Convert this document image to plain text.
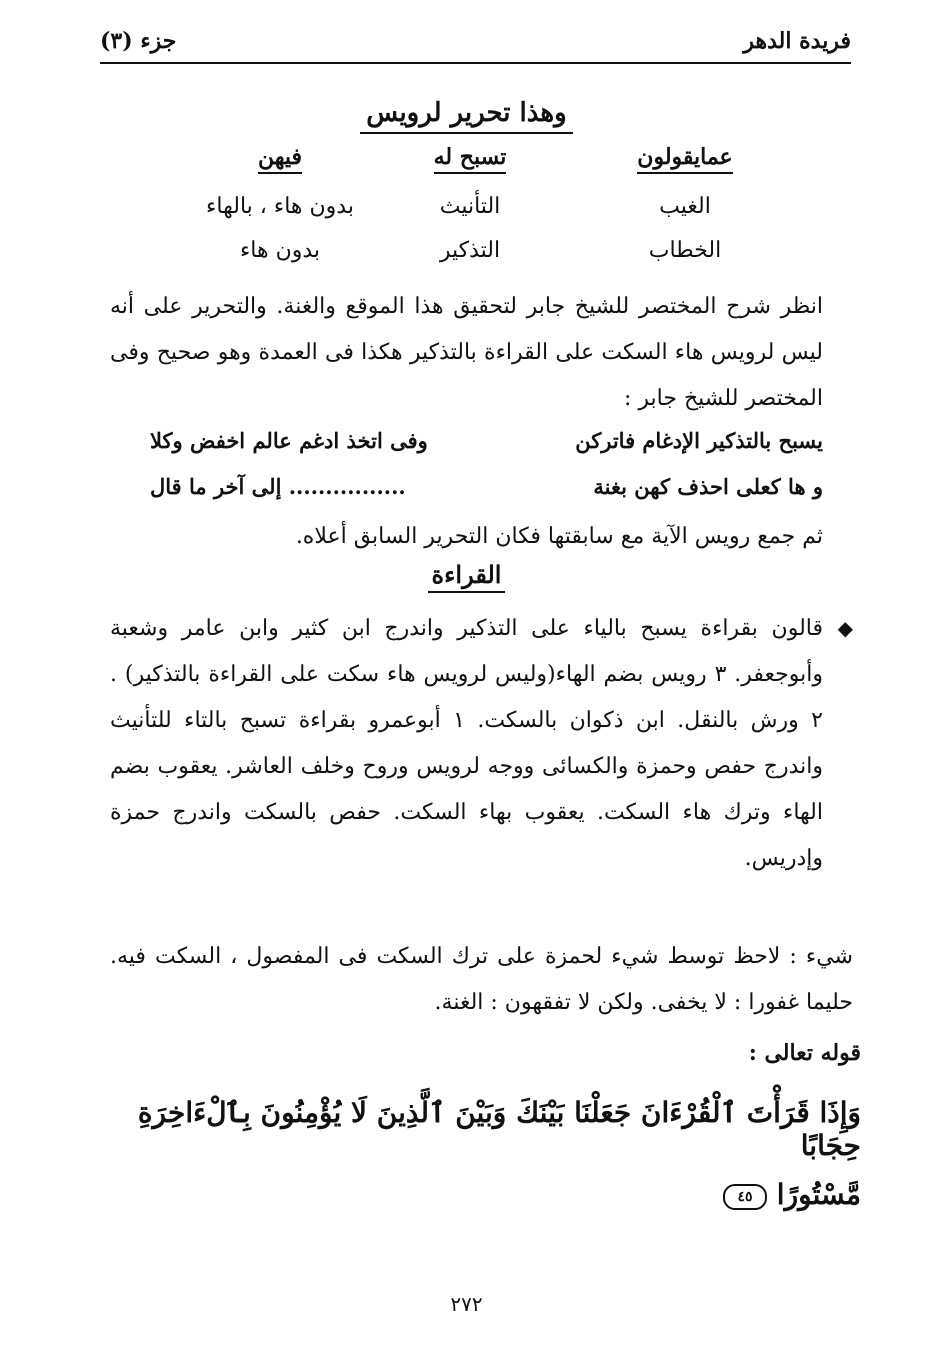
فريدة الدهر
جزء (٣)
وهذا تحرير لرويس
عمايقولون
تسبح له
فيهن
الغيب
التأنيث
بدون هاء ، بالهاء
الخطاب
التذكير
بدون هاء
انظر شرح المختصر للشيخ جابر لتحقيق هذا الموقع والغنة. والتحرير على أنه ليس لرويس هاء السكت على القراءة بالتذكير هكذا فى العمدة وهو صحيح وفى المختصر للشيخ جابر :
يسبح بالتذكير الإدغام فاتركن
وفى اتخذ ادغم عالم اخفض وكلا
و ها كعلى احذف كهن بغنة
................ إلى آخر ما قال
ثم جمع رويس الآية مع سابقتها فكان التحرير السابق أعلاه.
القراءة
◆
قالون بقراءة يسبح بالياء على التذكير واندرج ابن كثير وابن عامر وشعبة وأبوجعفر. ٣ رويس بضم الهاء(وليس لرويس هاء سكت على القراءة بالتذكير) . ٢ ورش بالنقل. ابن ذكوان بالسكت. ١ أبوعمرو بقراءة تسبح بالتاء للتأنيث واندرج حفص وحمزة والكسائى ووجه لرويس وروح وخلف العاشر. يعقوب بضم الهاء وترك هاء السكت. يعقوب بهاء السكت. حفص بالسكت واندرج حمزة وإدريس.
شيء : لاحظ توسط شيء لحمزة على ترك السكت فى المفصول ، السكت فيه. حليما غفورا : لا يخفى. ولكن لا تفقهون : الغنة.
قوله تعالى :
وَإِذَا قَرَأْتَ ٱلْقُرْءَانَ جَعَلْنَا بَيْنَكَ وَبَيْنَ ٱلَّذِينَ لَا يُؤْمِنُونَ بِٱلْءَاخِرَةِ حِجَابًا
مَّسْتُورًا ٤٥
٢٧٢
